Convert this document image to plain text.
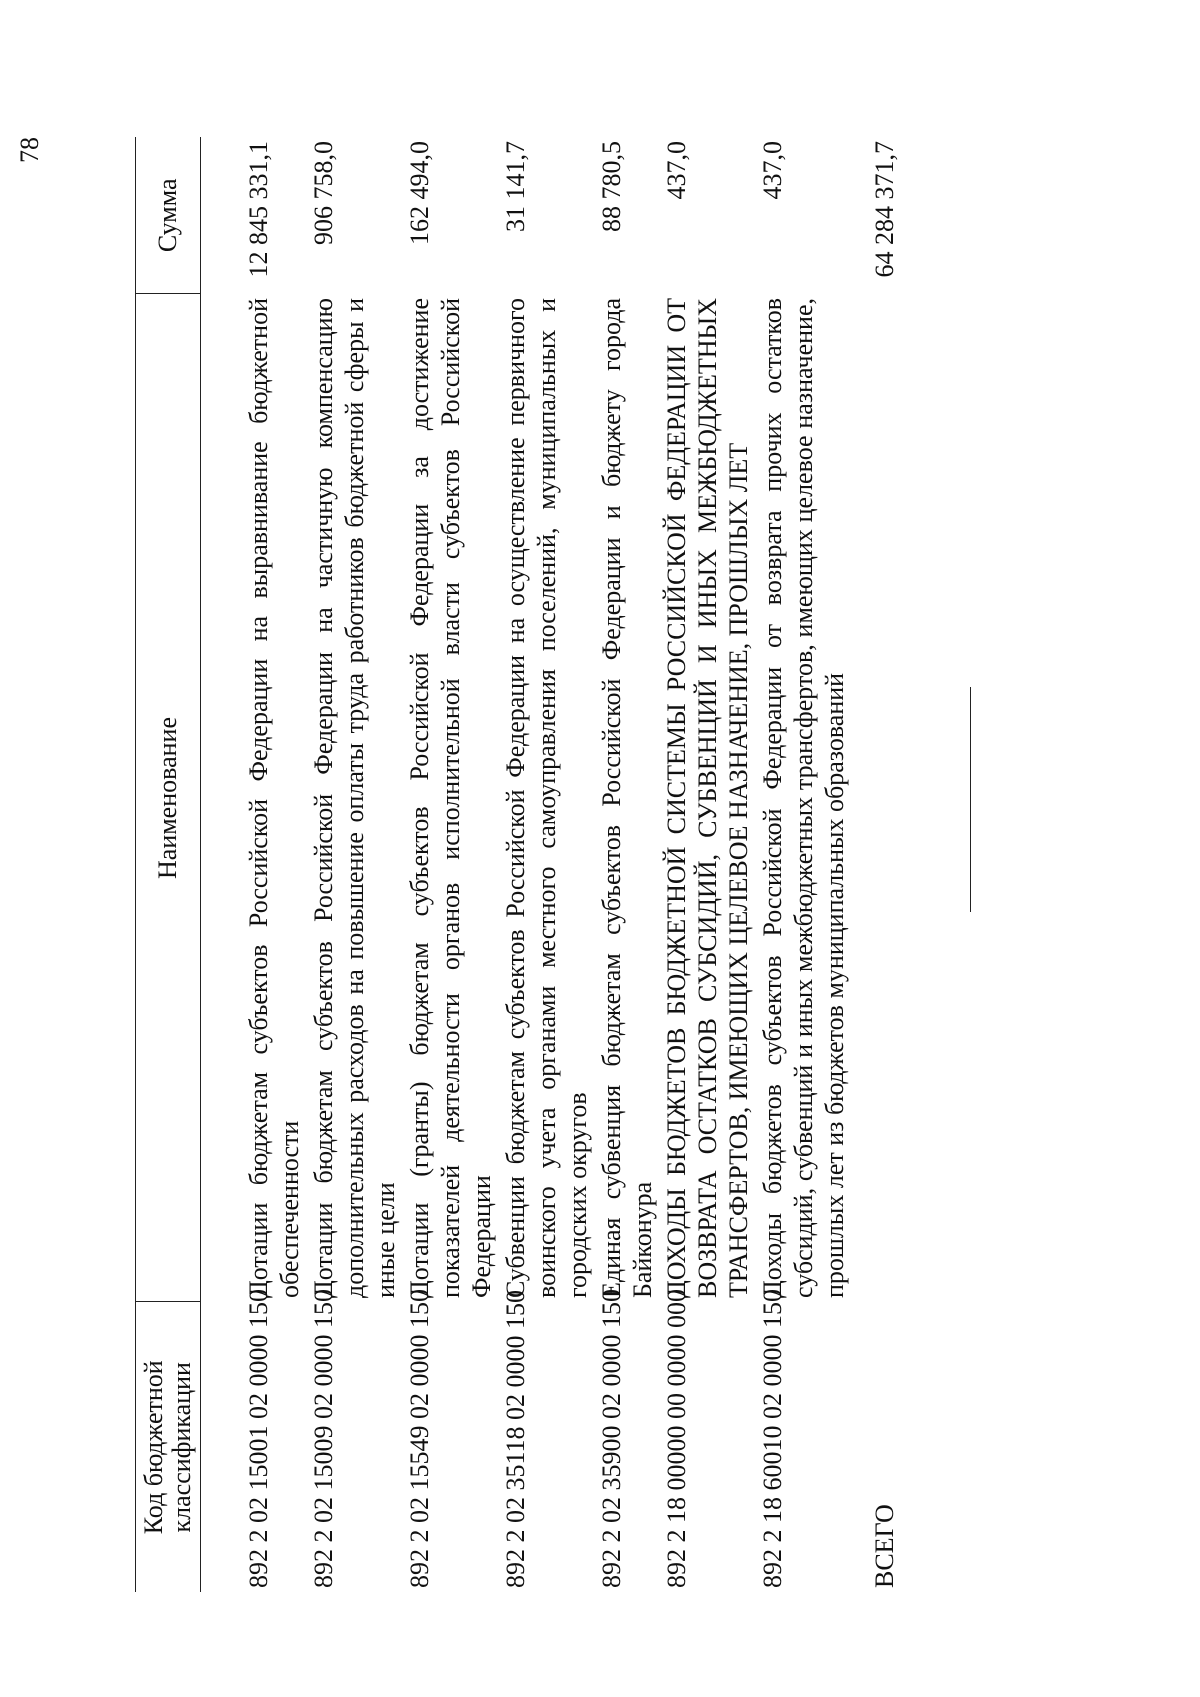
78
Код бюджетной классификации	Наименование	Сумма
892 2 02 15001 02 0000 150	Дотации бюджетам субъектов Российской Федерации на выравнивание бюджетной обеспеченности	12 845 331,1
892 2 02 15009 02 0000 150	Дотации бюджетам субъектов Российской Федерации на частичную компенсацию дополнительных расходов на повышение оплаты труда работников бюджетной сферы и иные цели	906 758,0
892 2 02 15549 02 0000 150	Дотации (гранты) бюджетам субъектов Российской Федерации за достижение показателей деятельности органов исполнительной власти субъектов Российской Федерации	162 494,0
892 2 02 35118 02 0000 150	Субвенции бюджетам субъектов Российской Федерации на осуществление первичного воинского учета органами местного самоуправления поселений, муниципальных и городских округов	31 141,7
892 2 02 35900 02 0000 150	Единая субвенция бюджетам субъектов Российской Федерации и бюджету города Байконура	88 780,5
892 2 18 00000 00 0000 000	ДОХОДЫ БЮДЖЕТОВ БЮДЖЕТНОЙ СИСТЕМЫ РОССИЙСКОЙ ФЕДЕРАЦИИ ОТ ВОЗВРАТА ОСТАТКОВ СУБСИДИЙ, СУБВЕНЦИЙ И ИНЫХ МЕЖБЮДЖЕТНЫХ ТРАНСФЕРТОВ, ИМЕЮЩИХ ЦЕЛЕВОЕ НАЗНАЧЕНИЕ, ПРОШЛЫХ ЛЕТ	437,0
892 2 18 60010 02 0000 150	Доходы бюджетов субъектов Российской Федерации от возврата прочих остатков субсидий, субвенций и иных межбюджетных трансфертов, имеющих целевое назначение, прошлых лет из бюджетов муниципальных образований	437,0
ВСЕГО		64 284 371,7
